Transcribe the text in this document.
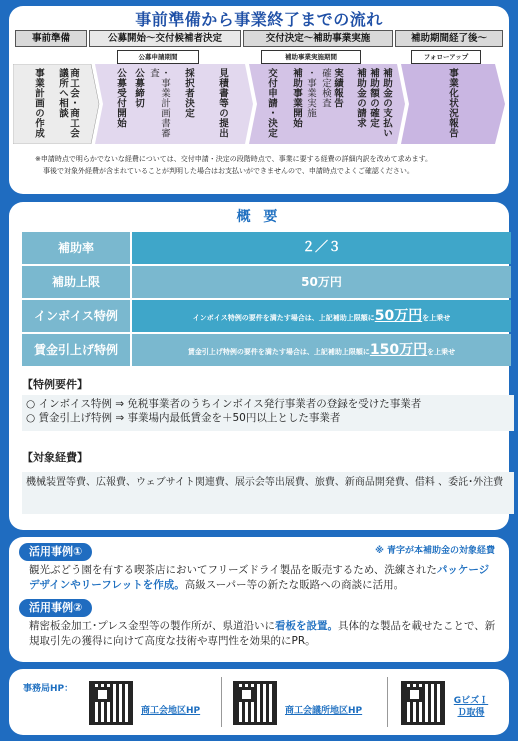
事前準備から事業終了までの流れ
事前準備	公募開始～交付候補者決定	交付決定～補助事業実施	補助期間経了後～
公募申請期間	補助事業実施期間	フォローアップ
商工会・商工会議所へ相談
事業計画の作成	公募受付開始 公募締切	・事業計画書審査	採択者決定 見積書等の提出	交付申請・決定 補助事業開始 ・事業実施 実績報告
確定検査	補助金の請求 補助額の確定 補助金の支払い	事業化状況報告
※申請時点で明らかでないな経費については、交付申請・決定の段階時点で、事業に要する経費の詳細内訳を改めて求めます。
事後で対象外経費が含まれていることが判明した場合はお支払いができませんので、申請時点でよくご確認ください。
概 要
補助率	２／３
補助上限	50万円
インボイス特例	インボイス特例の要件を満たす場合は、上記補助上限額に50万円を上乗せ
賃金引上げ特例	賃金引上げ特例の要件を満たす場合は、上記補助上限額に150万円を上乗せ
【特例要件】
○ インボイス特例 ⇒ 免税事業者のうちインボイス発行事業者の登録を受けた事業者
○ 賃金引上げ特例 ⇒ 事業場内最低賃金を＋50円以上とした事業者
【対象経費】
機械装置等費、広報費、ウェブサイト関連費、展示会等出展費、旅費、新商品開発費、借料 、委託･外注費
活用事例①	※ 青字が本補助金の対象経費
観光ぶどう園を有する喫茶店においてフリーズドライ製品を販売するため、洗練されたパッケージデザインやリーフレットを作成。高級スーパー等の新たな販路への商談に活用。
活用事例②
精密板金加工･プレス金型等の製作所が、県道沿いに看板を設置。具体的な製品を載せたことで、新規取引先の獲得に向けて高度な技術や専門性を効果的にPR。
事務局HP：
商工会地区HP	商工会議所地区HP
GビズＩＤ取得
